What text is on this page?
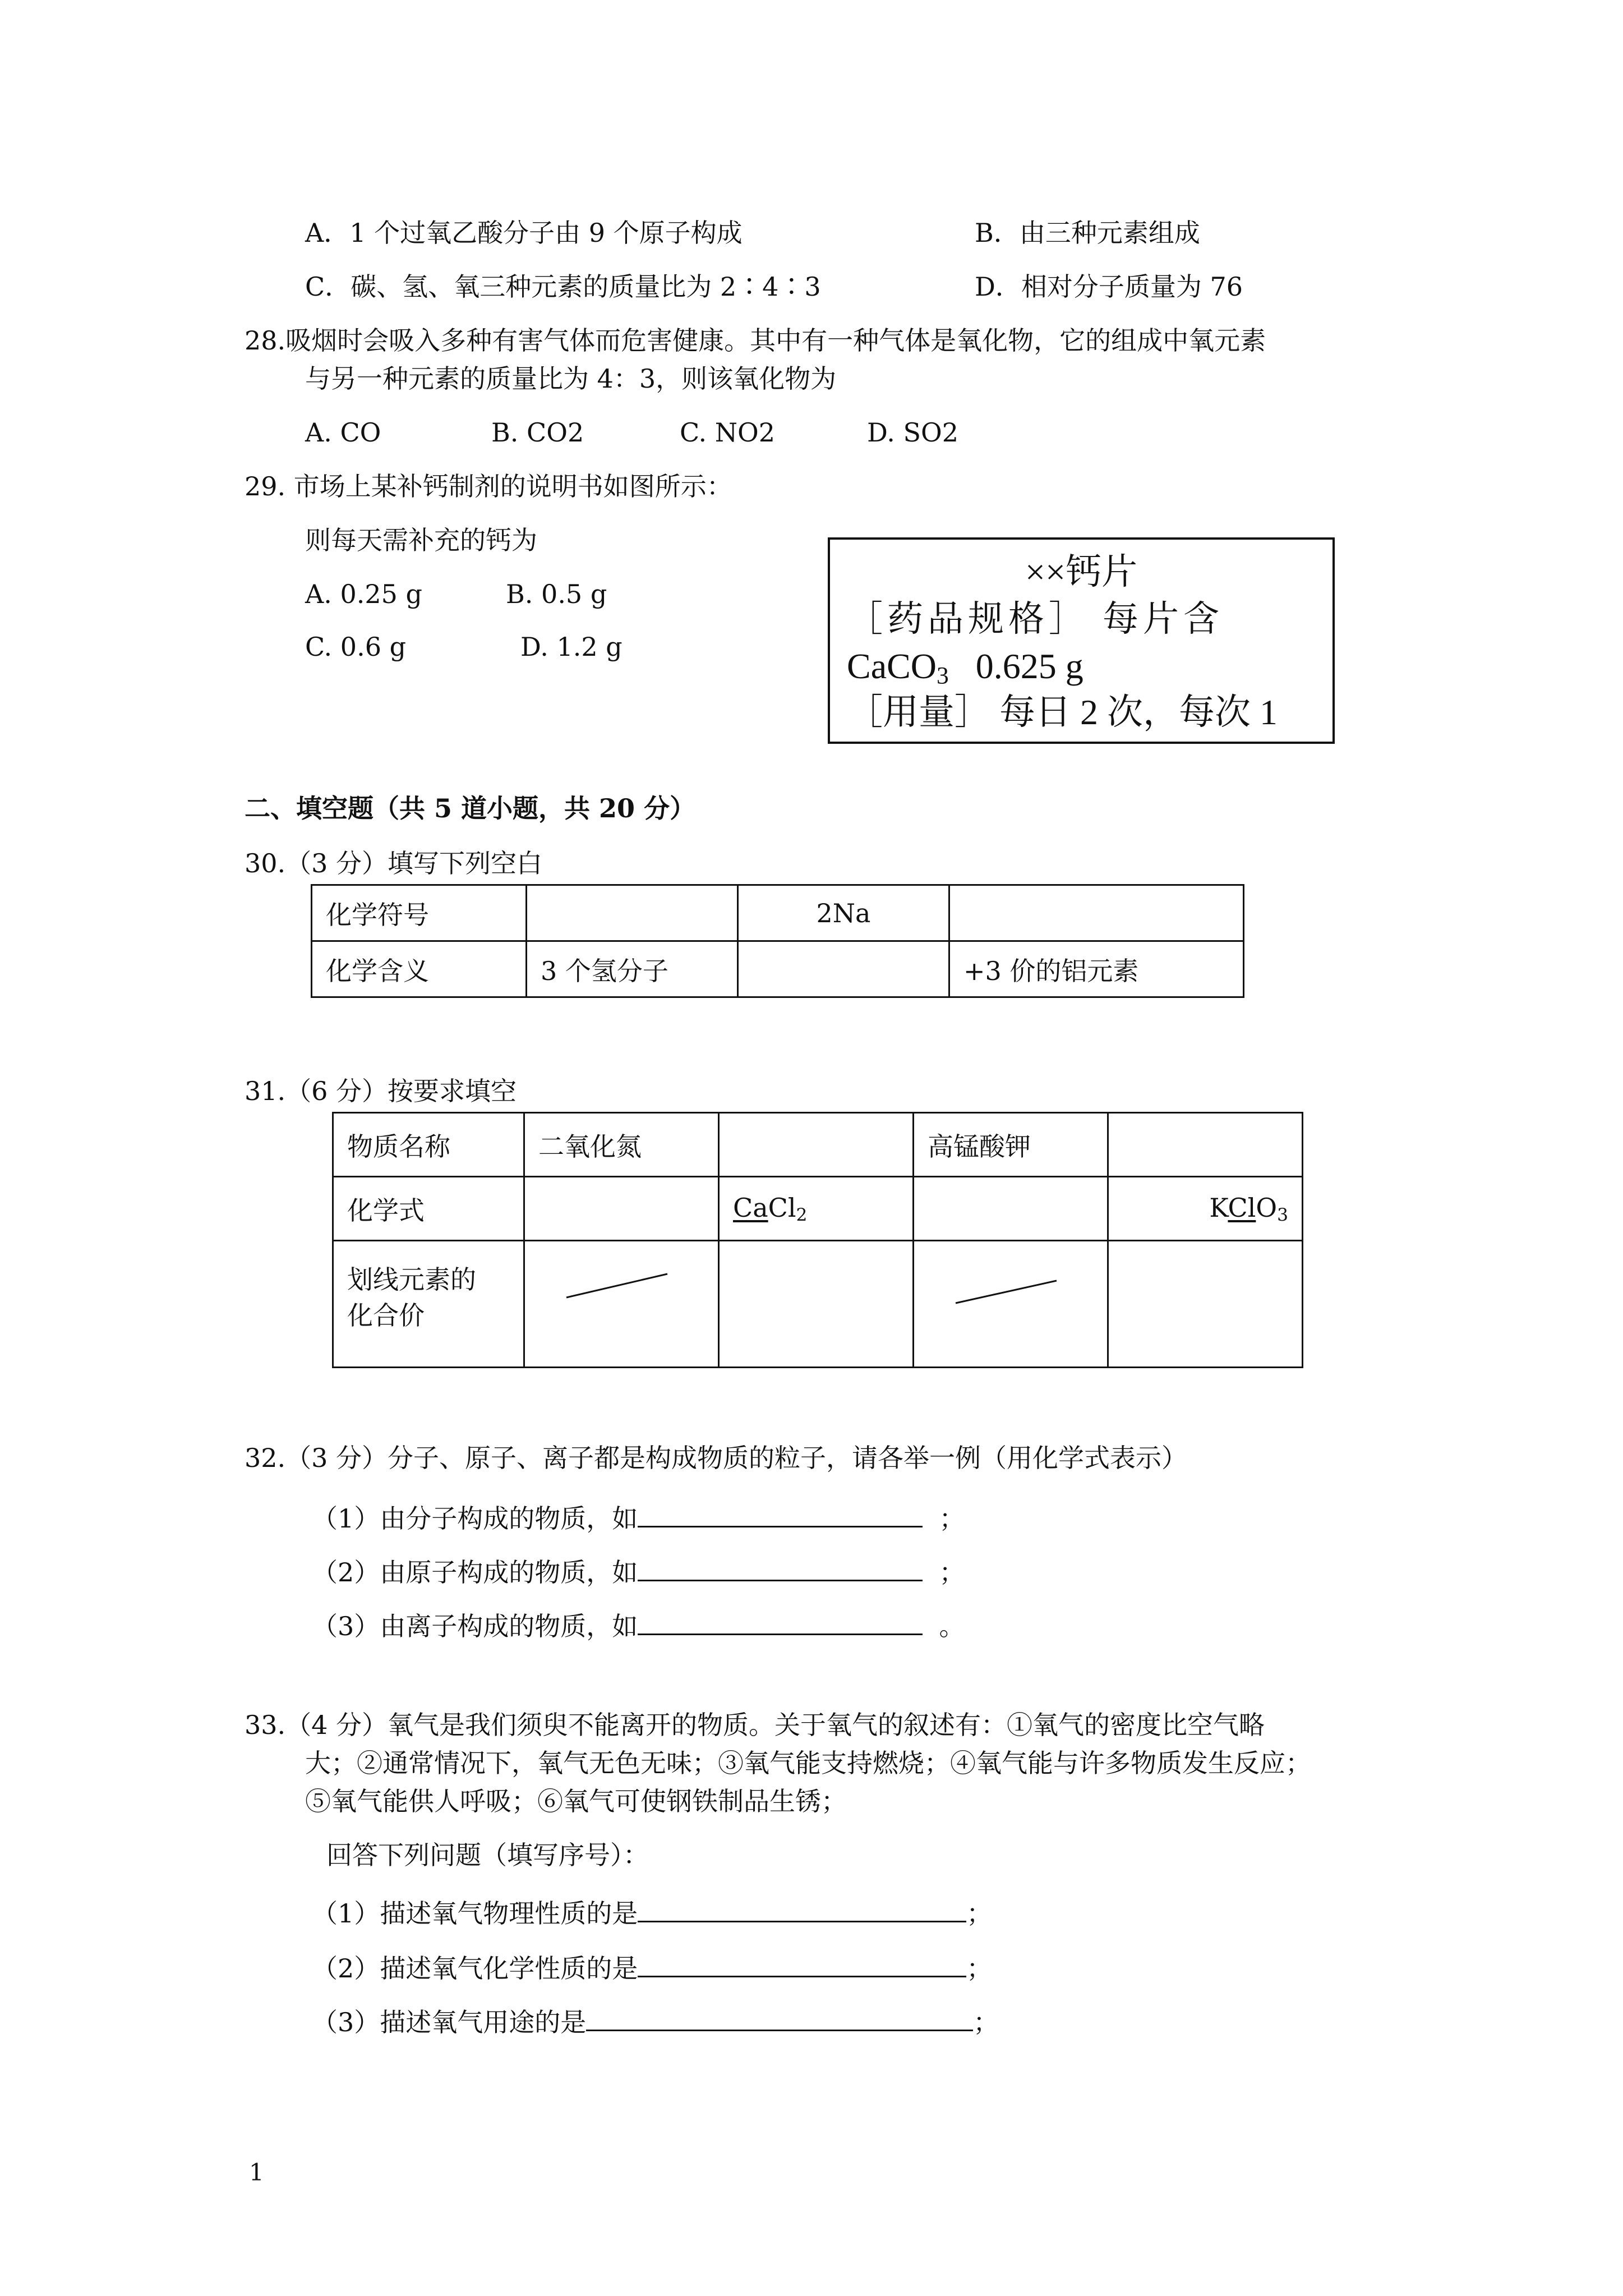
A．1 个过氧乙酸分子由 9 个原子构成	B．由三种元素组成
C．碳、氢、氧三种元素的质量比为 2∶4∶3	D．相对分子质量为 76
28.吸烟时会吸入多种有害气体而危害健康。其中有一种气体是氧化物，它的组成中氧元素
与另一种元素的质量比为 4：3，则该氧化物为
A. CO	B. CO2	C. NO2	D. SO2
29. 市场上某补钙制剂的说明书如图所示：
则每天需补充的钙为
A. 0.25 g	B. 0.5 g
C. 0.6 g	D. 1.2 g
××钙片
［药品规格］ 每片含
CaCO$_3$ 0.625 g
［用量］ 每日 2 次，每次 1
二、填空题（共 5 道小题，共 20 分）
30.（3 分）填写下列空白
化学符号		2Na	
化学含义	3 个氢分子		+3 价的铝元素
31.（6 分）按要求填空
物质名称	二氧化氮		高锰酸钾	
化学式		CaCl$_2$		KClO$_3$

划线元素的
化合价

32.（3 分）分子、原子、离子都是构成物质的粒子，请各举一例（用化学式表示）
（1）由分子构成的物质，如	；
（2）由原子构成的物质，如	；
（3）由离子构成的物质，如	。
33.（4 分）氧气是我们须臾不能离开的物质。关于氧气的叙述有：①氧气的密度比空气略
大；②通常情况下，氧气无色无味；③氧气能支持燃烧；④氧气能与许多物质发生反应；
⑤氧气能供人呼吸；⑥氧气可使钢铁制品生锈；
回答下列问题（填写序号）：
（1）描述氧气物理性质的是	；
（2）描述氧气化学性质的是	；
（3）描述氧气用途的是	；
1
